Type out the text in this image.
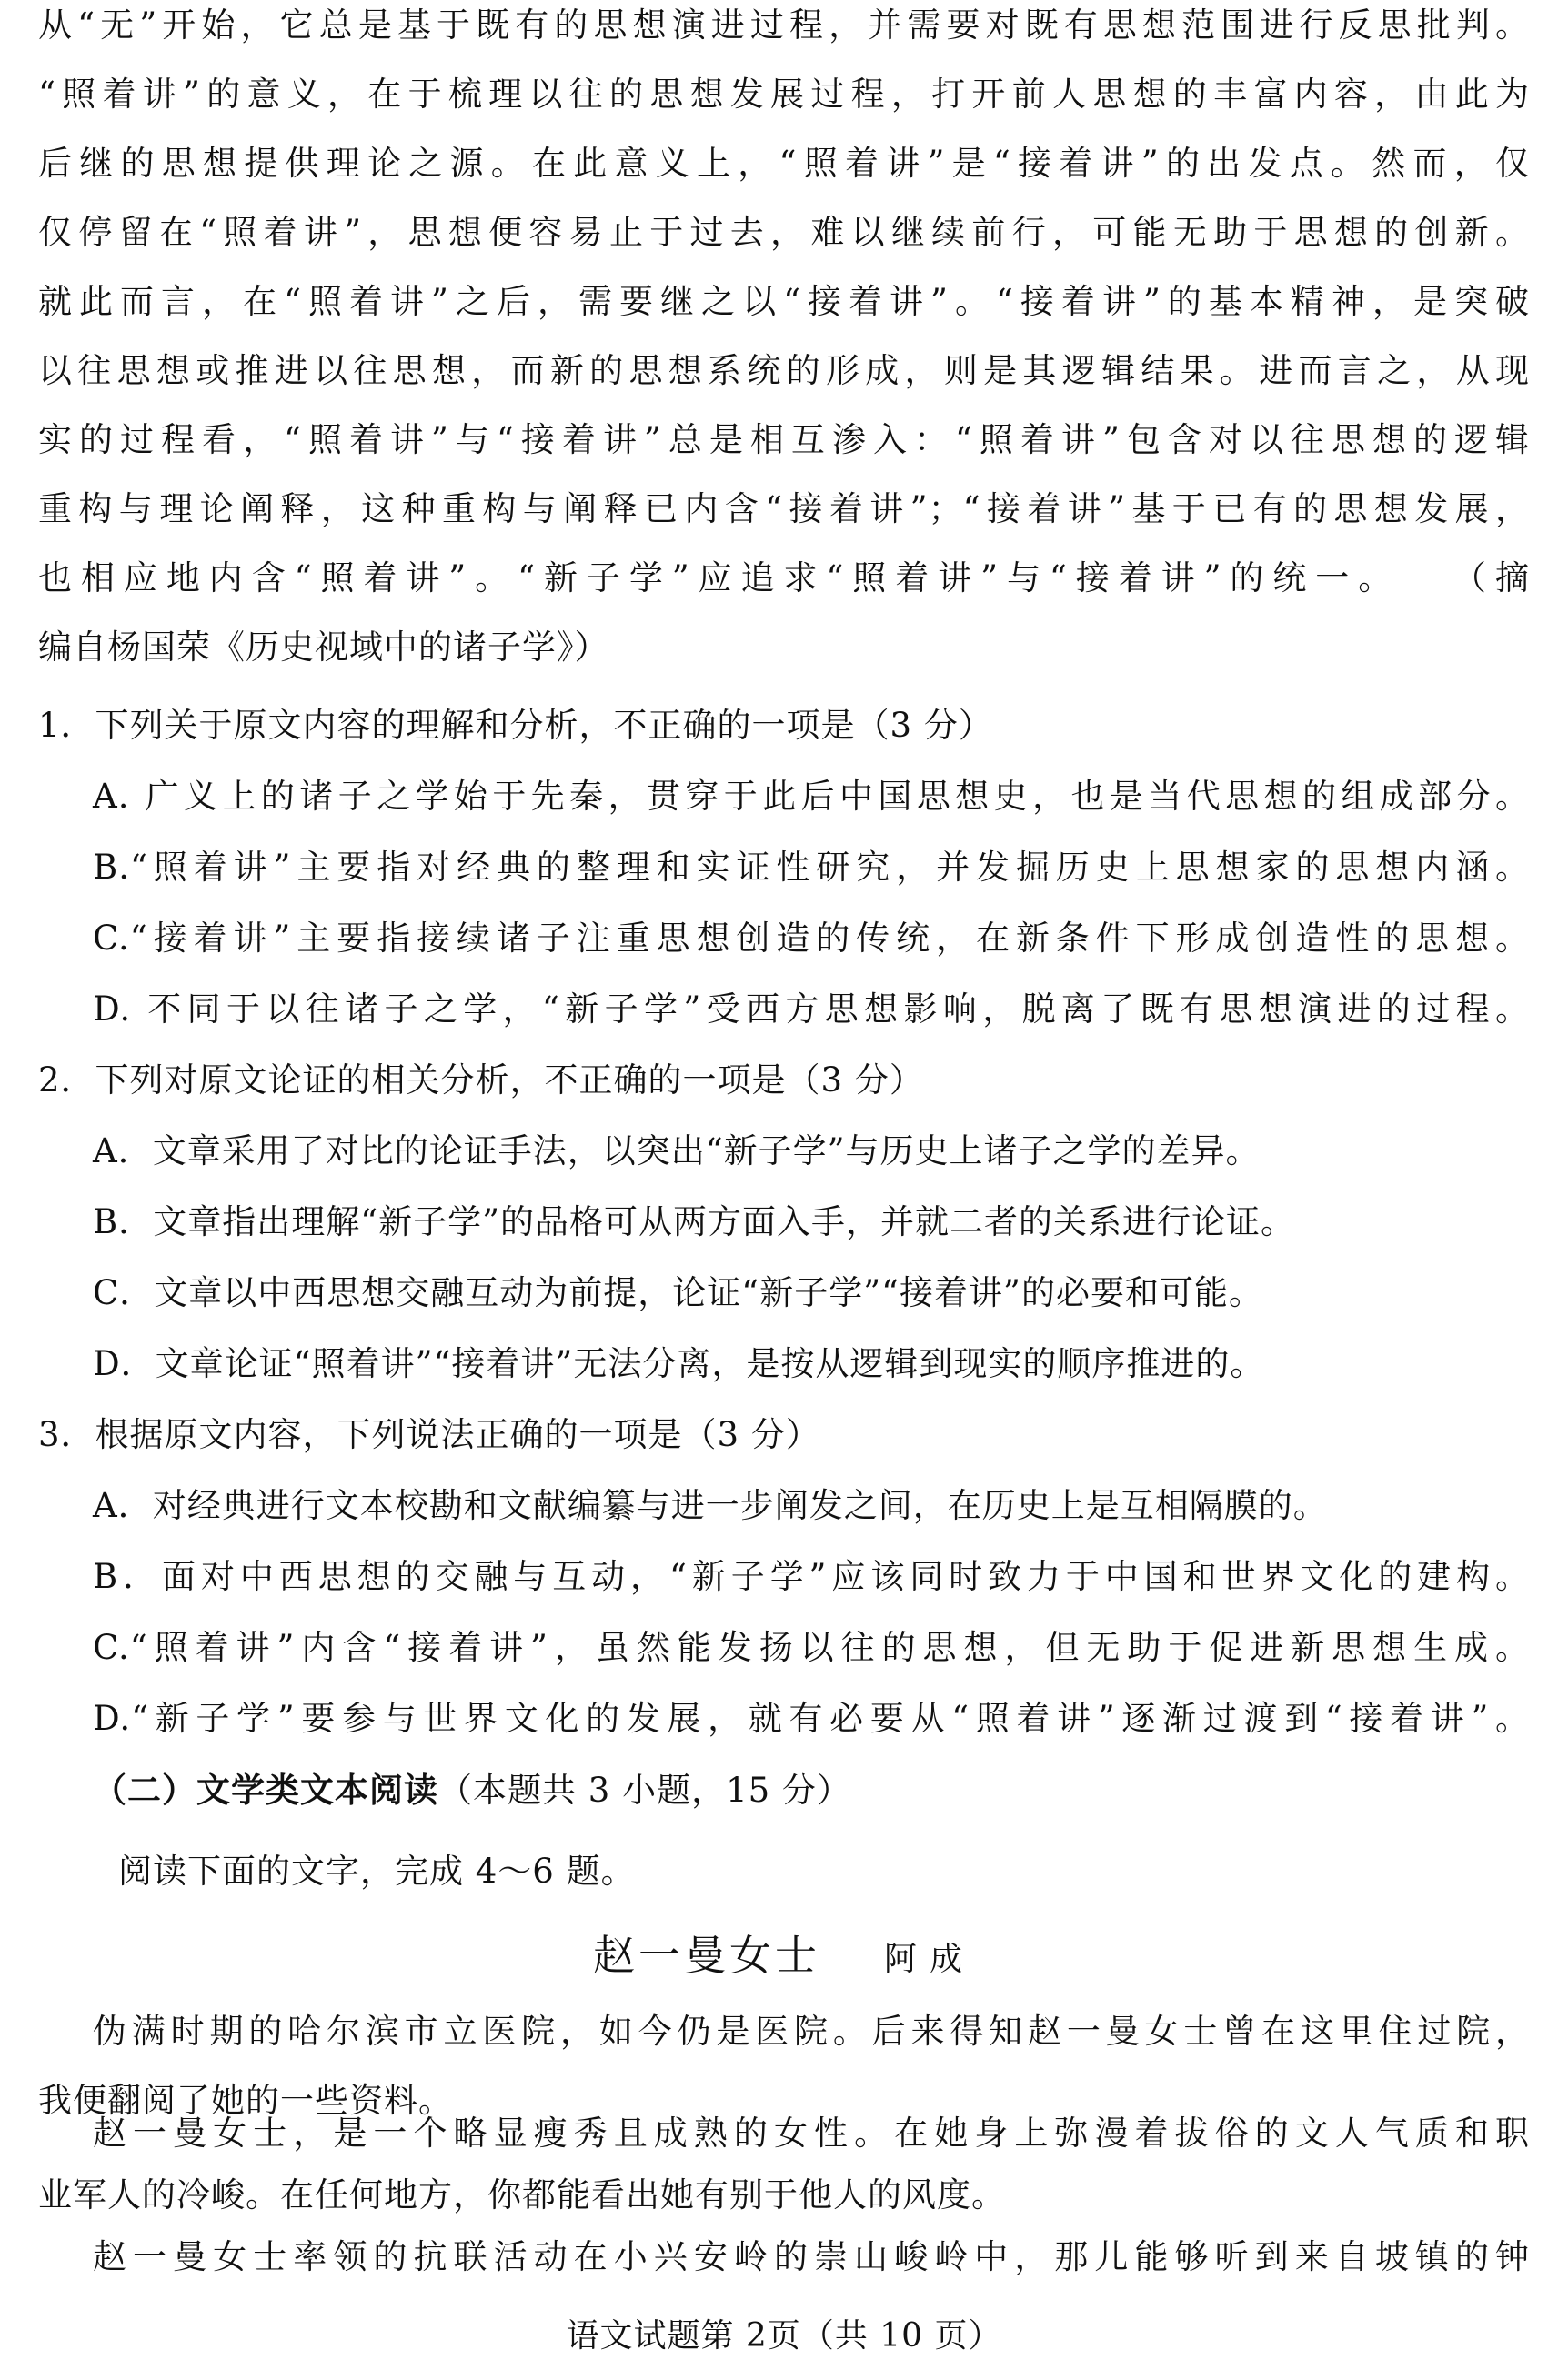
从“无”开始，它总是基于既有的思想演进过程，并需要对既有思想范围进行反思批判。
“照着讲”的意义，在于梳理以往的思想发展过程，打开前人思想的丰富内容，由此为
后继的思想提供理论之源。在此意义上，“照着讲”是“接着讲”的出发点。然而，仅
仅停留在“照着讲”，思想便容易止于过去，难以继续前行，可能无助于思想的创新。
就此而言，在“照着讲”之后，需要继之以“接着讲”。“接着讲”的基本精神，是突破
以往思想或推进以往思想，而新的思想系统的形成，则是其逻辑结果。进而言之，从现
实的过程看，“照着讲”与“接着讲”总是相互渗入：“照着讲”包含对以往思想的逻辑
重构与理论阐释，这种重构与阐释已内含“接着讲”；“接着讲”基于已有的思想发展，
也相应地内含“照着讲”。“新子学”应追求“照着讲”与“接着讲”的统一。　　（摘
编自杨国荣《历史视域中的诸子学》）
1．下列关于原文内容的理解和分析，不正确的一项是（3 分）
A. 广义上的诸子之学始于先秦，贯穿于此后中国思想史，也是当代思想的组成部分。
B.“照着讲”主要指对经典的整理和实证性研究，并发掘历史上思想家的思想内涵。
C.“接着讲”主要指接续诸子注重思想创造的传统，在新条件下形成创造性的思想。
D. 不同于以往诸子之学，“新子学”受西方思想影响，脱离了既有思想演进的过程。
2．下列对原文论证的相关分析，不正确的一项是（3 分）
A．文章采用了对比的论证手法，以突出“新子学”与历史上诸子之学的差异。
B．文章指出理解“新子学”的品格可从两方面入手，并就二者的关系进行论证。
C．文章以中西思想交融互动为前提，论证“新子学”“接着讲”的必要和可能。
D．文章论证“照着讲”“接着讲”无法分离，是按从逻辑到现实的顺序推进的。
3．根据原文内容，下列说法正确的一项是（3 分）
A．对经典进行文本校勘和文献编纂与进一步阐发之间，在历史上是互相隔膜的。
B．面对中西思想的交融与互动，“新子学”应该同时致力于中国和世界文化的建构。
C.“照着讲”内含“接着讲”，虽然能发扬以往的思想，但无助于促进新思想生成。
D.“新子学”要参与世界文化的发展，就有必要从“照着讲”逐渐过渡到“接着讲”。
（二）文学类文本阅读（本题共 3 小题，15 分）
阅读下面的文字，完成 4～6 题。
赵一曼女士 阿成
伪满时期的哈尔滨市立医院，如今仍是医院。后来得知赵一曼女士曾在这里住过院，
我便翻阅了她的一些资料。
赵一曼女士，是一个略显瘦秀且成熟的女性。在她身上弥漫着拔俗的文人气质和职
业军人的冷峻。在任何地方，你都能看出她有别于他人的风度。
语文试题第 2页（共 10 页）
赵一曼女士率领的抗联活动在小兴安岭的崇山峻岭中，那儿能够听到来自坡镇的钟
